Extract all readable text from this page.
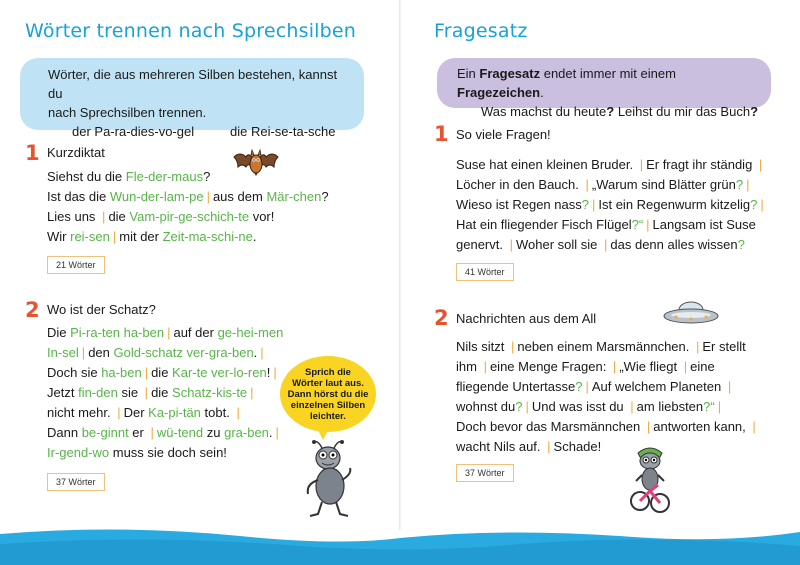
Wörter trennen nach Sprechsilben
Wörter, die aus mehreren Silben bestehen, kannst du
nach Sprechsilben trennen.
der Pa-ra-dies-vo-gel	die Rei-se-ta-sche
1 Kurzdiktat
Siehst du die Fle-der-maus?
Ist das die Wun-der-lam-pe | aus dem Mär-chen?
Lies uns | die Vam-pir-ge-schich-te vor!
Wir rei-sen | mit der Zeit-ma-schi-ne.
21 Wörter
2 Wo ist der Schatz?
Die Pi-ra-ten ha-ben | auf der ge-hei-men
In-sel | den Gold-schatz ver-gra-ben. |
Doch sie ha-ben | die Kar-te ver-lo-ren! |
Jetzt fin-den sie | die Schatz-kis-te |
nicht mehr. | Der Ka-pi-tän tobt. |
Dann be-ginnt er | wü-tend zu gra-ben. |
Ir-gend-wo muss sie doch sein!
37 Wörter
Sprich die
Wörter laut aus.
Dann hörst du die
einzelnen Silben
leichter.
Fragesatz
Ein Fragesatz endet immer mit einem Fragezeichen.
Was machst du heute? Leihst du mir das Buch?
1 So viele Fragen!
Suse hat einen kleinen Bruder. | Er fragt ihr ständig |
Löcher in den Bauch. | „Warum sind Blätter grün? |
Wieso ist Regen nass? | Ist ein Regenwurm kitzelig? |
Hat ein fliegender Fisch Flügel?“ | Langsam ist Suse
genervt. | Woher soll sie | das denn alles wissen?
41 Wörter
2 Nachrichten aus dem All
Nils sitzt | neben einem Marsmännchen. | Er stellt
ihm | eine Menge Fragen: | „Wie fliegt | eine
fliegende Untertasse? | Auf welchem Planeten |
wohnst du? | Und was isst du | am liebsten?“ |
Doch bevor das Marsmännchen | antworten kann, |
wacht Nils auf. | Schade!
37 Wörter
